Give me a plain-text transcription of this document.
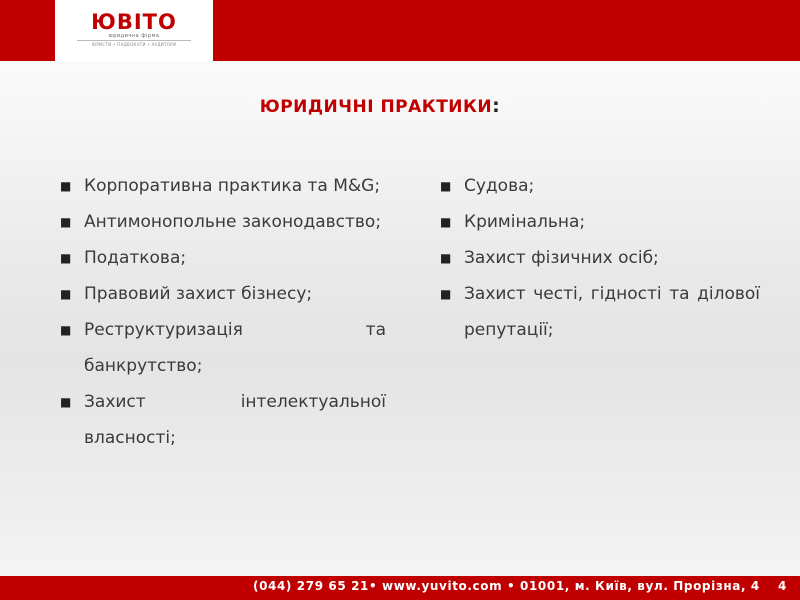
ЮВІТО
юридична фірма
ЮРИСТИ • ПАДВОКАТИ • АУДИТОРИ
ЮРИДИЧНІ ПРАКТИКИ:
■ Корпоративна практика та M&G;
■ Антимонопольне законодавство;
■ Податкова;
■ Правовий захист бізнесу;
■ Реструктуризація та банкрутство;
■ Захист інтелектуальної власності;
■ Судова;
■ Кримінальна;
■ Захист фізичних осіб;
■ Захист честі, гідності та ділової репутації;
(044) 279 65 21• www.yuvito.com • 01001, м. Київ, вул. Прорізна, 4 4
